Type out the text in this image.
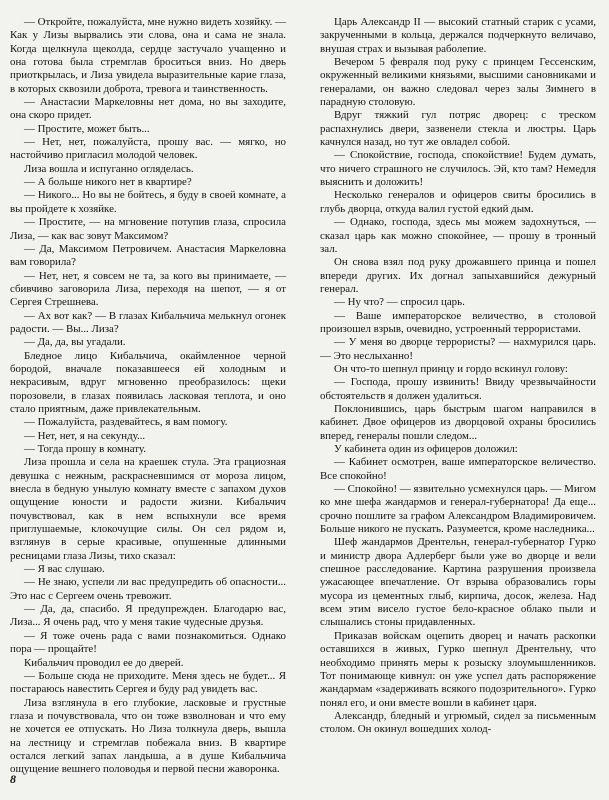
— Откройте, пожалуйста, мне нужно видеть хозяйку. — Как у Лизы вырвались эти слова, она и сама не знала. Когда щелкнула щеколда, сердце застучало учащенно и она готова была стремглав броситься вниз. Но дверь приоткрылась, и Лиза увидела выразительные карие глаза, в которых сквозили доброта, тревога и таинственность.

— Анастасии Маркеловны нет дома, но вы заходите, она скоро придет.

— Простите, может быть...

— Нет, нет, пожалуйста, прошу вас. — мягко, но настойчиво пригласил молодой человек.

Лиза вошла и испуганно огляделась.

— А больше никого нет в квартире?

— Никого... Но вы не бойтесь, я буду в своей комнате, а вы пройдете к хозяйке.

— Простите, — на мгновение потупив глаза, спросила Лиза, — как вас зовут Максимом?

— Да, Максимом Петровичем. Анастасия Маркеловна вам говорила?

— Нет, нет, я совсем не та, за кого вы принимаете, — сбивчиво заговорила Лиза, переходя на шепот, — я от Сергея Стрешнева.

— Ах вот как? — В глазах Кибальчича мелькнул огонек радости. — Вы... Лиза?

— Да, да, вы угадали.

Бледное лицо Кибальчича, окаймленное черной бородой, вначале показавшееся ей холодным и некрасивым, вдруг мгновенно преобразилось: щеки порозовели, в глазах появилась ласковая теплота, и оно стало приятным, даже привлекательным.

— Пожалуйста, раздевайтесь, я вам помогу.

— Нет, нет, я на секунду...

— Тогда прошу в комнату.

Лиза прошла и села на краешек стула. Эта грациозная девушка с нежным, раскрасневшимся от мороза лицом, внесла в бедную унылую комнату вместе с запахом духов ощущение юности и радости жизни. Кибальчич почувствовал, как в нем вспыхнули все время приглушаемые, клокочущие силы. Он сел рядом и, взглянув в серые красивые, опушенные длинными ресницами глаза Лизы, тихо сказал:

— Я вас слушаю.

— Не знаю, успели ли вас предупредить об опасности... Это нас с Сергеем очень тревожит.

— Да, да, спасибо. Я предупрежден. Благодарю вас, Лиза... Я очень рад, что у меня такие чудесные друзья.

— Я тоже очень рада с вами познакомиться. Однако пора — прощайте!

Кибальчич проводил ее до дверей.

— Больше сюда не приходите. Меня здесь не будет... Я постараюсь навестить Сергея и буду рад увидеть вас.

Лиза взглянула в его глубокие, ласковые и грустные глаза и почувствовала, что он тоже взволнован и что ему не хочется ее отпускать. Но Лиза толкнула дверь, вышла на лестницу и стремглав побежала вниз. В квартире остался легкий запах ландыша, а в душе Кибальчича ощущение вешнего половодья и первой песни жаворонка.

Царь Александр II — высокий статный старик с усами, закрученными в кольца, держался подчеркнуто величаво, внушая страх и вызывая раболепие.

Вечером 5 февраля под руку с принцем Гессенским, окруженный великими князьями, высшими сановниками и генералами, он важно следовал через залы Зимнего в парадную столовую.

Вдруг тяжкий гул потряс дворец: с треском распахнулись двери, зазвенели стекла и люстры. Царь качнулся назад, но тут же овладел собой.

— Спокойствие, господа, спокойствие! Будем думать, что ничего страшного не случилось. Эй, кто там? Немедля выяснить и доложить!

Несколько генералов и офицеров свиты бросились в глубь дворца, откуда валил густой едкий дым.

— Однако, господа, здесь мы можем задохнуться, — сказал царь как можно спокойнее, — прошу в тронный зал.

Он снова взял под руку дрожавшего принца и пошел впереди других. Их догнал запыхавшийся дежурный генерал.

— Ну что? — спросил царь.

— Ваше императорское величество, в столовой произошел взрыв, очевидно, устроенный террористами.

— У меня во дворце террористы? — нахмурился царь. — Это неслыханно!

Он что-то шепнул принцу и гордо вскинул голову:

— Господа, прошу извинить! Ввиду чрезвычайности обстоятельств я должен удалиться.

Поклонившись, царь быстрым шагом направился в кабинет. Двое офицеров из дворцовой охраны бросились вперед, генералы пошли следом...

У кабинета один из офицеров доложил:

— Кабинет осмотрен, ваше императорское величество. Все спокойно!

— Спокойно! — язвительно усмехнулся царь. — Мигом ко мне шефа жандармов и генерал-губернатора! Да еще... срочно пошлите за графом Александром Владимировичем. Больше никого не пускать. Разумеется, кроме наследника...

Шеф жандармов Дрентельн, генерал-губернатор Гурко и министр двора Адлерберг были уже во дворце и вели спешное расследование. Картина разрушения произвела ужасающее впечатление. От взрыва образовались горы мусора из цементных глыб, кирпича, досок, железа. Над всем этим висело густое бело-красное облако пыли и слышались стоны придавленных.

Приказав войскам оцепить дворец и начать раскопки оставшихся в живых, Гурко шепнул Дрентельну, что необходимо принять меры к розыску злоумышленников. Тот понимающе кивнул: он уже успел дать распоряжение жандармам «задерживать всякого подозрительного». Гурко понял его, и они вместе вошли в кабинет царя.

Александр, бледный и угрюмый, сидел за письменным столом. Он окинул вошедших холод-

8
